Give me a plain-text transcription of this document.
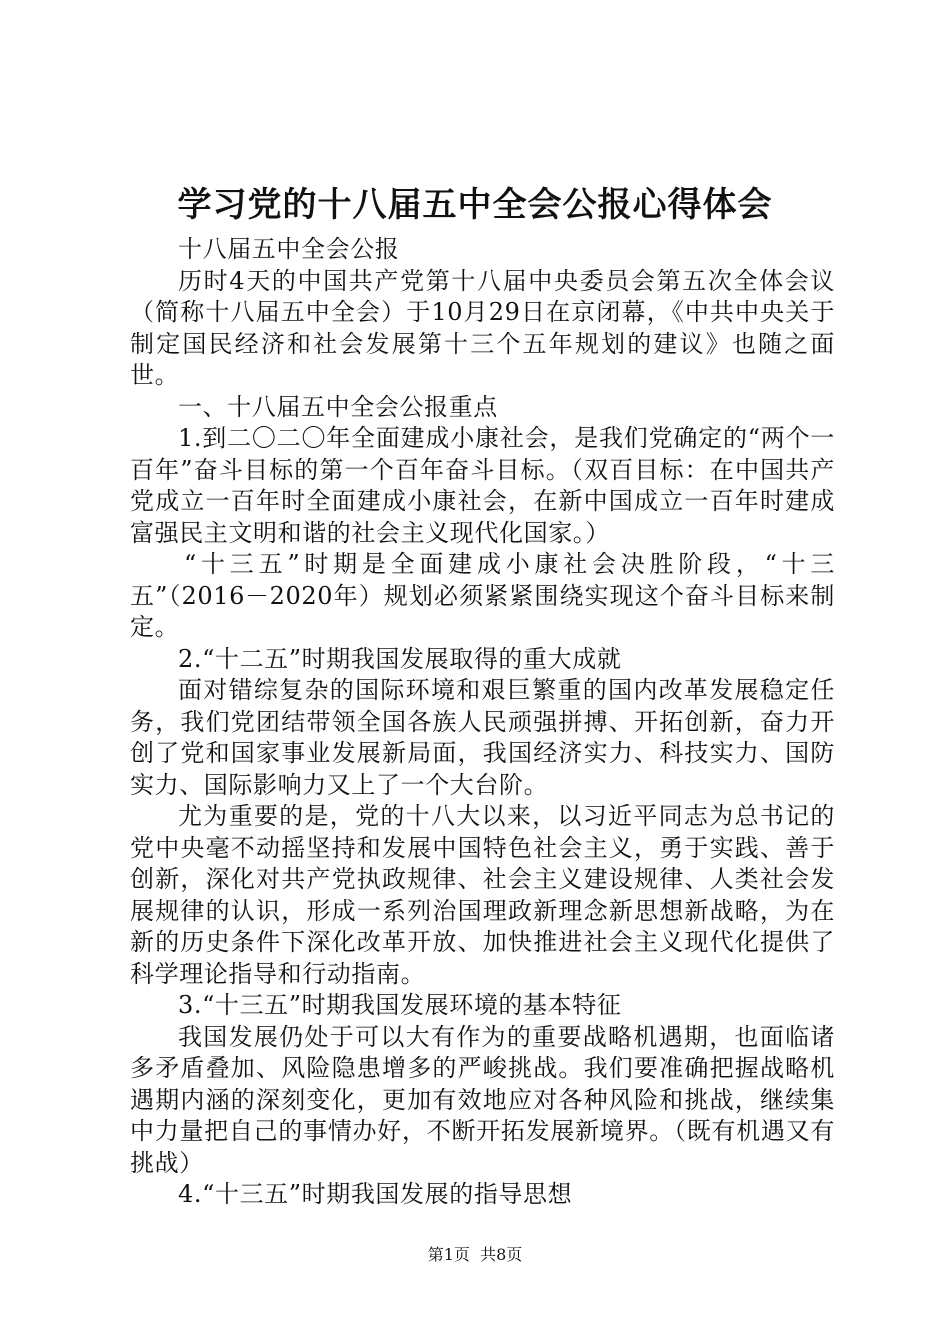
学习党的十八届五中全会公报心得体会

十八届五中全会公报

历时4天的中国共产党第十八届中央委员会第五次全体会议（简称十八届五中全会）于10月29日在京闭幕，《中共中央关于制定国民经济和社会发展第十三个五年规划的建议》也随之面世。

一、十八届五中全会公报重点

1.到二〇二〇年全面建成小康社会，是我们党确定的“两个一百年”奋斗目标的第一个百年奋斗目标。（双百目标：在中国共产党成立一百年时全面建成小康社会，在新中国成立一百年时建成富强民主文明和谐的社会主义现代化国家。）

“十三五”时期是全面建成小康社会决胜阶段，“十三五”（2016－2020年）规划必须紧紧围绕实现这个奋斗目标来制定。

2.“十二五”时期我国发展取得的重大成就

面对错综复杂的国际环境和艰巨繁重的国内改革发展稳定任务，我们党团结带领全国各族人民顽强拼搏、开拓创新，奋力开创了党和国家事业发展新局面，我国经济实力、科技实力、国防实力、国际影响力又上了一个大台阶。

尤为重要的是，党的十八大以来，以习近平同志为总书记的党中央毫不动摇坚持和发展中国特色社会主义，勇于实践、善于创新，深化对共产党执政规律、社会主义建设规律、人类社会发展规律的认识，形成一系列治国理政新理念新思想新战略，为在新的历史条件下深化改革开放、加快推进社会主义现代化提供了科学理论指导和行动指南。

3.“十三五”时期我国发展环境的基本特征

我国发展仍处于可以大有作为的重要战略机遇期，也面临诸多矛盾叠加、风险隐患增多的严峻挑战。我们要准确把握战略机遇期内涵的深刻变化，更加有效地应对各种风险和挑战，继续集中力量把自己的事情办好，不断开拓发展新境界。（既有机遇又有挑战）

4.“十三五”时期我国发展的指导思想

第1页  共8页
